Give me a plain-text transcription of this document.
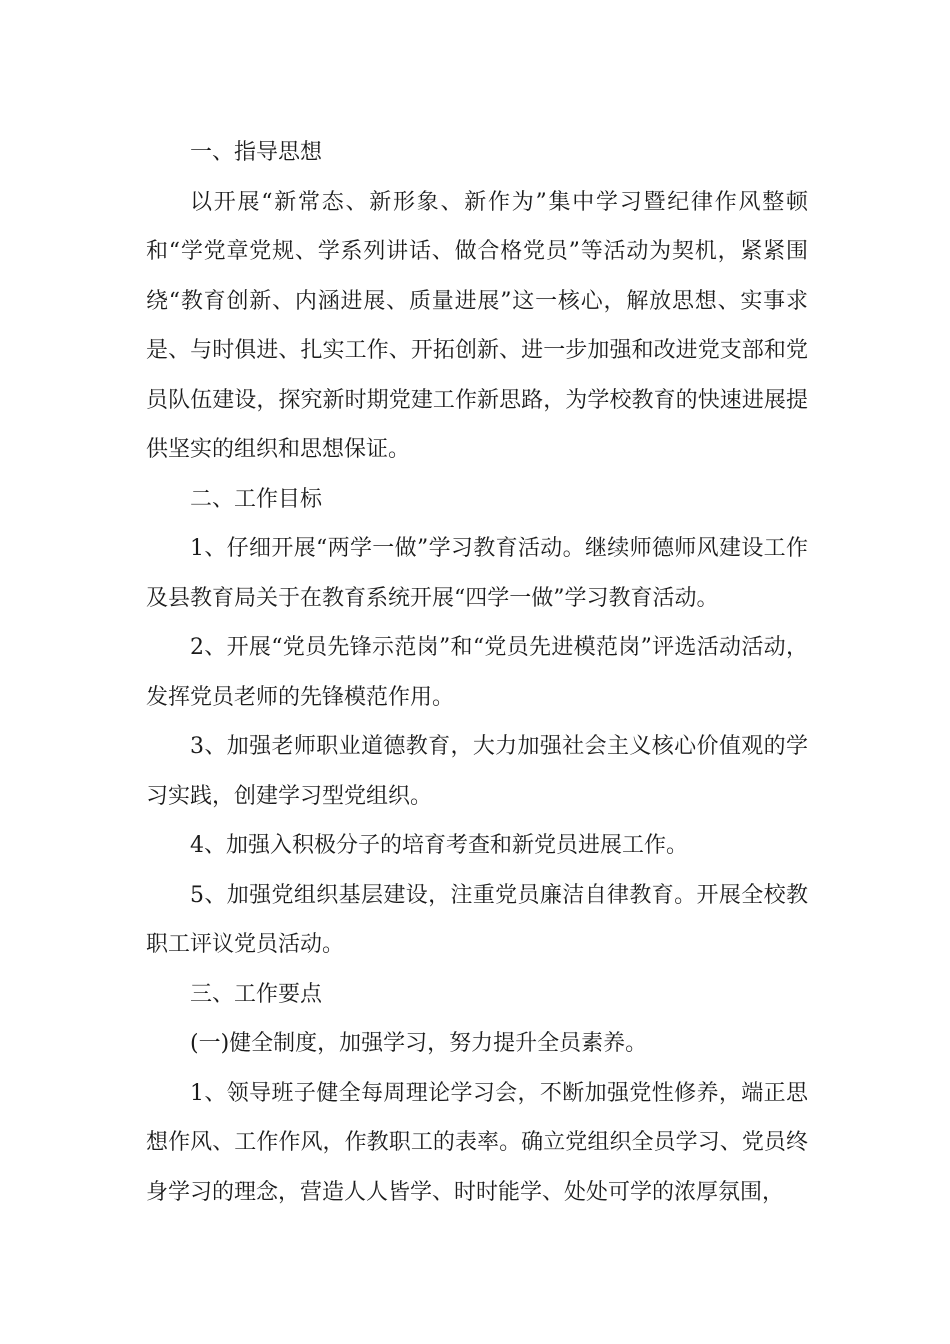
一、指导思想

以开展“新常态、新形象、新作为”集中学习暨纪律作风整顿和“学党章党规、学系列讲话、做合格党员”等活动为契机，紧紧围绕“教育创新、内涵进展、质量进展”这一核心，解放思想、实事求是、与时俱进、扎实工作、开拓创新、进一步加强和改进党支部和党员队伍建设，探究新时期党建工作新思路，为学校教育的快速进展提供坚实的组织和思想保证。

二、工作目标

1、仔细开展“两学一做”学习教育活动。继续师德师风建设工作及县教育局关于在教育系统开展“四学一做”学习教育活动。

2、开展“党员先锋示范岗”和“党员先进模范岗”评选活动活动，发挥党员老师的先锋模范作用。

3、加强老师职业道德教育，大力加强社会主义核心价值观的学习实践，创建学习型党组织。

4、加强入积极分子的培育考查和新党员进展工作。

5、加强党组织基层建设，注重党员廉洁自律教育。开展全校教职工评议党员活动。

三、工作要点

(一)健全制度，加强学习，努力提升全员素养。

1、领导班子健全每周理论学习会，不断加强党性修养，端正思想作风、工作作风，作教职工的表率。确立党组织全员学习、党员终身学习的理念，营造人人皆学、时时能学、处处可学的浓厚氛围，
